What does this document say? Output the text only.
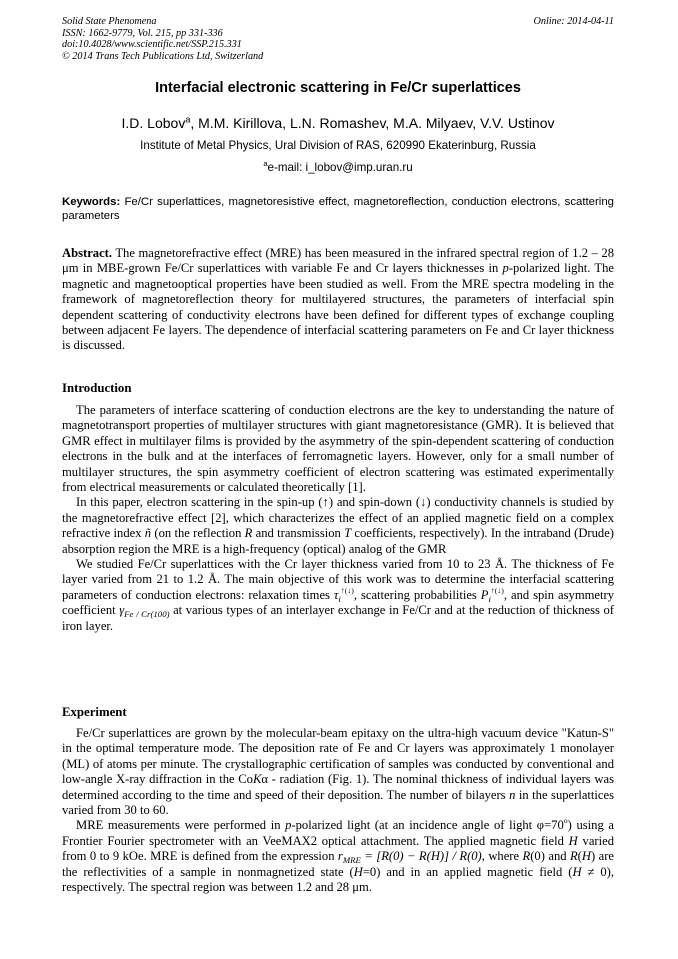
Solid State Phenomena
ISSN: 1662-9779, Vol. 215, pp 331-336
doi:10.4028/www.scientific.net/SSP.215.331
© 2014 Trans Tech Publications Ltd, Switzerland
Online: 2014-04-11
Interfacial electronic scattering in Fe/Cr superlattices
I.D. Lobov$^a$, M.M. Kirillova, L.N. Romashev, M.A. Milyaev, V.V. Ustinov
Institute of Metal Physics, Ural Division of RAS, 620990 Ekaterinburg, Russia
$^a$e-mail: i_lobov@imp.uran.ru
Keywords: Fe/Cr superlattices, magnetoresistive effect, magnetoreflection, conduction electrons, scattering parameters

Abstract. The magnetorefractive effect (MRE) has been measured in the infrared spectral region of 1.2 – 28 μm in MBE-grown Fe/Cr superlattices with variable Fe and Cr layers thicknesses in p-polarized light. The magnetic and magnetooptical properties have been studied as well. From the MRE spectra modeling in the framework of magnetoreflection theory for multilayered structures, the parameters of interfacial spin dependent scattering of conductivity electrons have been defined for different types of exchange coupling between adjacent Fe layers. The dependence of interfacial scattering parameters on Fe and Cr layer thickness is discussed.

Introduction

The parameters of interface scattering of conduction electrons are the key to understanding the nature of magnetotransport properties of multilayer structures with giant magnetoresistance (GMR). It is believed that GMR effect in multilayer films is provided by the asymmetry of the spin-dependent scattering of conduction electrons in the bulk and at the interfaces of ferromagnetic layers. However, only for a small number of multilayer structures, the spin asymmetry coefficient of electron scattering was estimated experimentally from electrical measurements or calculated theoretically [1].

In this paper, electron scattering in the spin-up (↑) and spin-down (↓) conductivity channels is studied by the magnetorefractive effect [2], which characterizes the effect of an applied magnetic field on a complex refractive index ñ (on the reflection R and transmission T coefficients, respectively). In the intraband (Drude) absorption region the MRE is a high-frequency (optical) analog of the GMR

We studied Fe/Cr superlattices with the Cr layer thickness varied from 10 to 23 Å. The thickness of Fe layer varied from 21 to 1.2 Å. The main objective of this work was to determine the interfacial scattering parameters of conduction electrons: relaxation times $\tau_i^{↑(↓)}$, scattering probabilities $P_i^{↑(↓)}$, and spin asymmetry coefficient $\gamma_{Fe / Cr(100)}$ at various types of an interlayer exchange in Fe/Cr and at the reduction of thickness of iron layer.

Experiment

Fe/Cr superlattices are grown by the molecular-beam epitaxy on the ultra-high vacuum device "Katun-S" in the optimal temperature mode. The deposition rate of Fe and Cr layers was approximately 1 monolayer (ML) of atoms per minute. The crystallographic certification of samples was conducted by conventional and low-angle X-ray diffraction in the CoKα - radiation (Fig. 1). The nominal thickness of individual layers was determined according to the time and speed of their deposition. The number of bilayers n in the superlattices varied from 30 to 60.

MRE measurements were performed in p-polarized light (at an incidence angle of light $\varphi=70^o$) using a Frontier Fourier spectrometer with an VeeMAX2 optical attachment. The applied magnetic field H varied from 0 to 9 kOe. MRE is defined from the expression $r_{MRE} = [R(0) - R(H)] / R(0)$, where R(0) and R(H) are the reflectivities of a sample in nonmagnetized state (H=0) and in an applied magnetic field (H ≠ 0), respectively. The spectral region was between 1.2 and 28 μm.
